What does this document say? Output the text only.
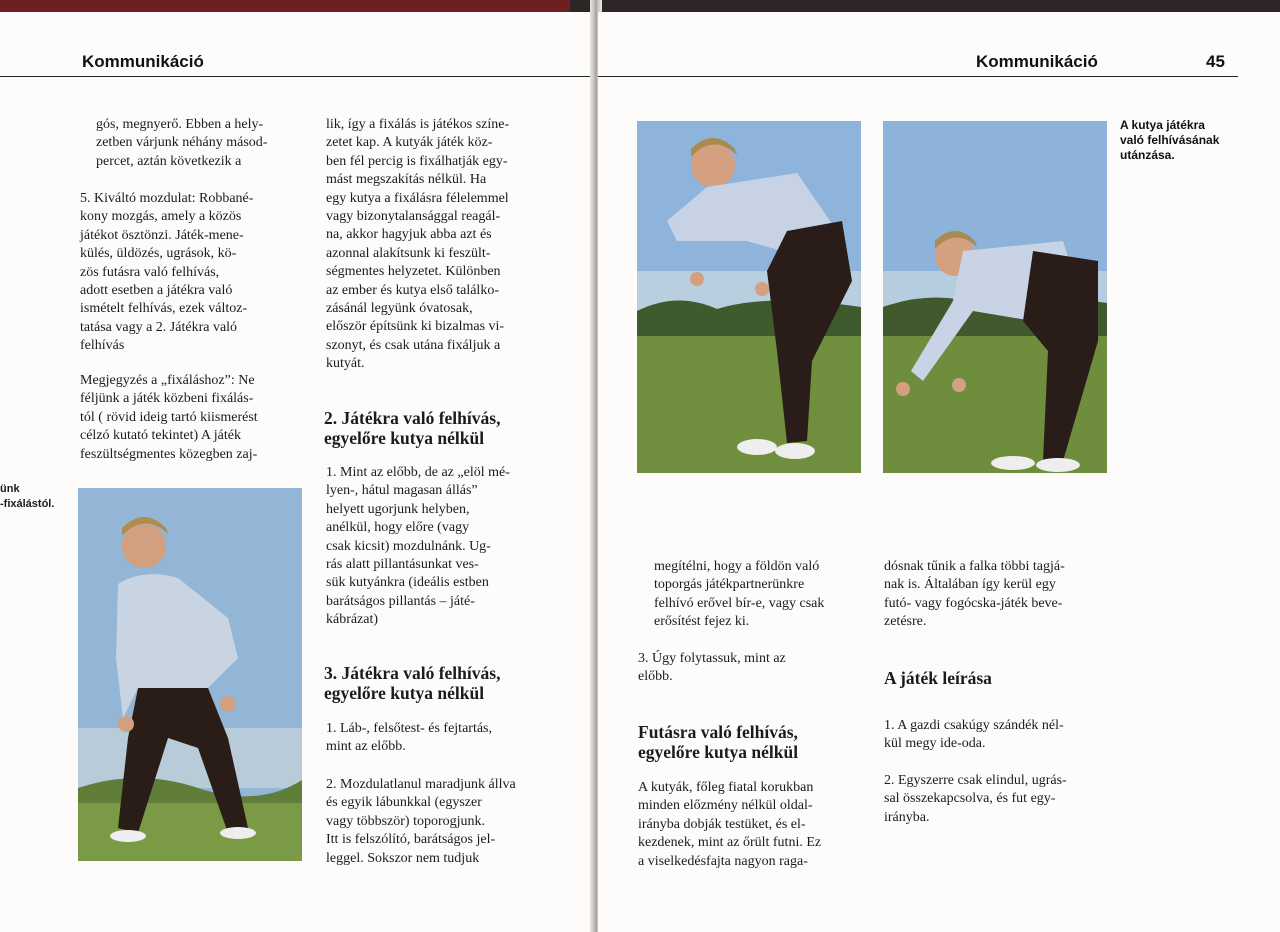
Kommunikáció
gós, megnyerő. Ebben a hely-
zetben várjunk néhány másod-
percet, aztán következik a
5. Kiváltó mozdulat: Robbané-
kony mozgás, amely a közös
játékot ösztönzi. Játék-mene-
külés, üldözés, ugrások, kö-
zös futásra való felhívás,
adott esetben a játékra való
ismételt felhívás, ezek változ-
tatása vagy a 2. Játékra való
felhívás
Megjegyzés a „fixáláshoz”: Ne
féljünk a játék közbeni fixálás-
tól ( rövid ideig tartó kiismerést
célzó kutató tekintet) A játék
feszültségmentes közegben zaj-
ünk
-fixálástól.
lik, így a fixálás is játékos színe-
zetet kap. A kutyák játék köz-
ben fél percig is fixálhatják egy-
mást megszakítás nélkül. Ha
egy kutya a fixálásra félelemmel
vagy bizonytalansággal reagál-
na, akkor hagyjuk abba azt és
azonnal alakítsunk ki feszült-
ségmentes helyzetet. Különben
az ember és kutya első találko-
zásánál legyünk óvatosak,
először építsünk ki bizalmas vi-
szonyt, és csak utána fixáljuk a
kutyát.
2. Játékra való felhívás,
egyelőre kutya nélkül
1. Mint az előbb, de az „elöl mé-
lyen-, hátul magasan állás”
helyett ugorjunk helyben,
anélkül, hogy előre (vagy
csak kicsit) mozdulnánk. Ug-
rás alatt pillantásunkat ves-
sük kutyánkra (ideális estben
barátságos pillantás – játé-
kábrázat)
3. Játékra való felhívás,
egyelőre kutya nélkül
1. Láb-, felsőtest- és fejtartás,
mint az előbb.
2. Mozdulatlanul maradjunk állva
és egyik lábunkkal (egyszer
vagy többször) toporogjunk.
Itt is felszólító, barátságos jel-
leggel. Sokszor nem tudjuk
Kommunikáció	45
A kutya játékra
való felhívásának
utánzása.
megítélni, hogy a földön való
toporgás játékpartnerünkre
felhívó erővel bír-e, vagy csak
erősítést fejez ki.
3. Úgy folytassuk, mint az
előbb.
Futásra való felhívás,
egyelőre kutya nélkül
A kutyák, főleg fiatal korukban
minden előzmény nélkül oldal-
irányba dobják testüket, és el-
kezdenek, mint az őrült futni. Ez
a viselkedésfajta nagyon raga-
dósnak tűnik a falka többi tagjá-
nak is. Általában így kerül egy
futó- vagy fogócska-játék beve-
zetésre.
A játék leírása
1. A gazdi csakúgy szándék nél-
kül megy ide-oda.
2. Egyszerre csak elindul, ugrás-
sal összekapcsolva, és fut egy-
irányba.
